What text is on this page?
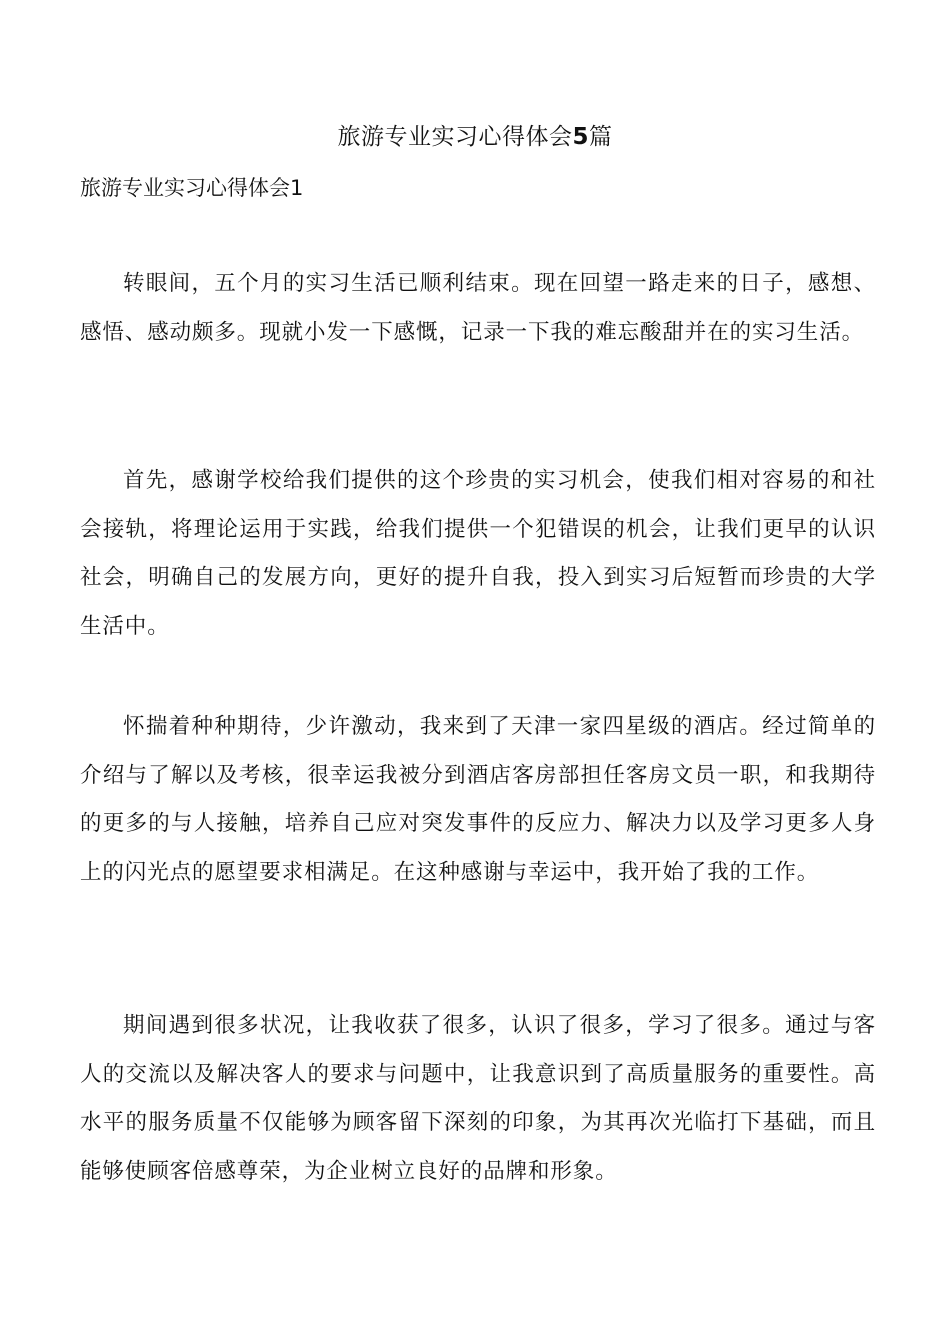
旅游专业实习心得体会5篇
旅游专业实习心得体会1

转眼间，五个月的实习生活已顺利结束。现在回望一路走来的日子，感想、感悟、感动颇多。现就小发一下感慨，记录一下我的难忘酸甜并在的实习生活。

首先，感谢学校给我们提供的这个珍贵的实习机会，使我们相对容易的和社会接轨，将理论运用于实践，给我们提供一个犯错误的机会，让我们更早的认识社会，明确自己的发展方向，更好的提升自我，投入到实习后短暂而珍贵的大学生活中。

怀揣着种种期待，少许激动，我来到了天津一家四星级的酒店。经过简单的介绍与了解以及考核，很幸运我被分到酒店客房部担任客房文员一职，和我期待的更多的与人接触，培养自己应对突发事件的反应力、解决力以及学习更多人身上的闪光点的愿望要求相满足。在这种感谢与幸运中，我开始了我的工作。

期间遇到很多状况，让我收获了很多，认识了很多，学习了很多。通过与客人的交流以及解决客人的要求与问题中，让我意识到了高质量服务的重要性。高水平的服务质量不仅能够为顾客留下深刻的印象，为其再次光临打下基础，而且能够使顾客倍感尊荣，为企业树立良好的品牌和形象。
